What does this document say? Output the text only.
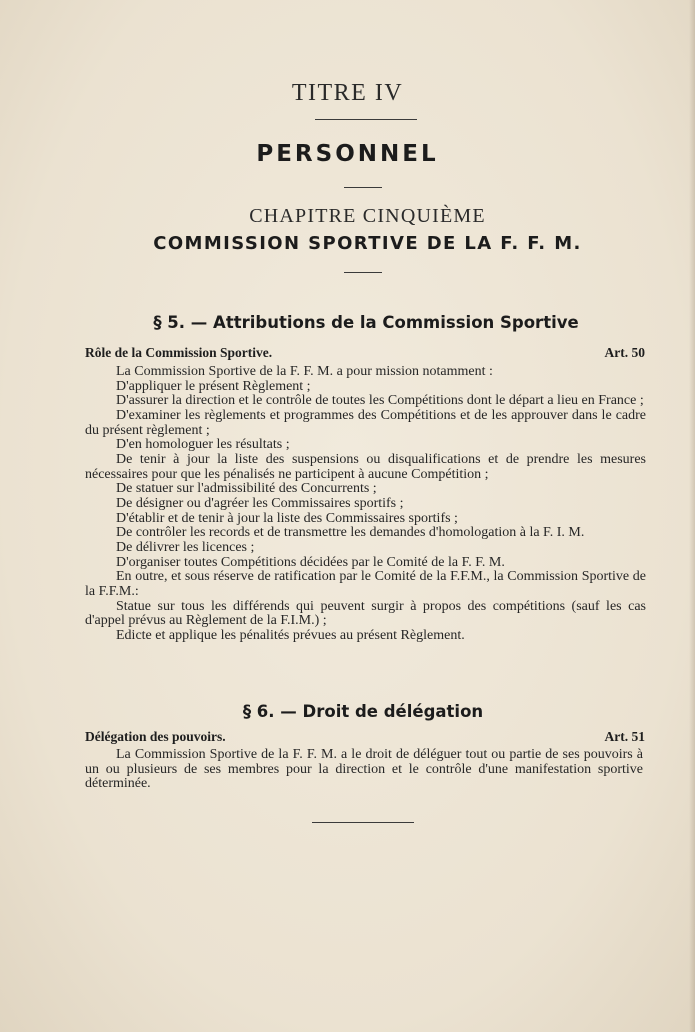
TITRE IV
PERSONNEL
CHAPITRE CINQUIÈME
COMMISSION SPORTIVE DE LA F. F. M.
§ 5. — Attributions de la Commission Sportive
Rôle de la Commission Sportive.	Art. 50

La Commission Sportive de la F. F. M. a pour mission notamment :

D'appliquer le présent Règlement ;

D'assurer la direction et le contrôle de toutes les Compétitions dont le départ a lieu en France ;

D'examiner les règlements et programmes des Compétitions et de les approuver dans le cadre du présent règlement ;

D'en homologuer les résultats ;

De tenir à jour la liste des suspensions ou disqualifications et de prendre les mesures nécessaires pour que les pénalisés ne participent à aucune Compétition ;

De statuer sur l'admissibilité des Concurrents ;

De désigner ou d'agréer les Commissaires sportifs ;

D'établir et de tenir à jour la liste des Commissaires sportifs ;

De contrôler les records et de transmettre les demandes d'homologation à la F. I. M.

De délivrer les licences ;

D'organiser toutes Compétitions décidées par le Comité de la F. F. M.

En outre, et sous réserve de ratification par le Comité de la F.F.M., la Commission Sportive de la F.F.M.:

Statue sur tous les différends qui peuvent surgir à propos des compétitions (sauf les cas d'appel prévus au Règlement de la F.I.M.) ;

Edicte et applique les pénalités prévues au présent Règlement.

§ 6. — Droit de délégation
Délégation des pouvoirs.	Art. 51

La Commission Sportive de la F. F. M. a le droit de déléguer tout ou partie de ses pouvoirs à un ou plusieurs de ses membres pour la direction et le contrôle d'une manifestation sportive déterminée.
